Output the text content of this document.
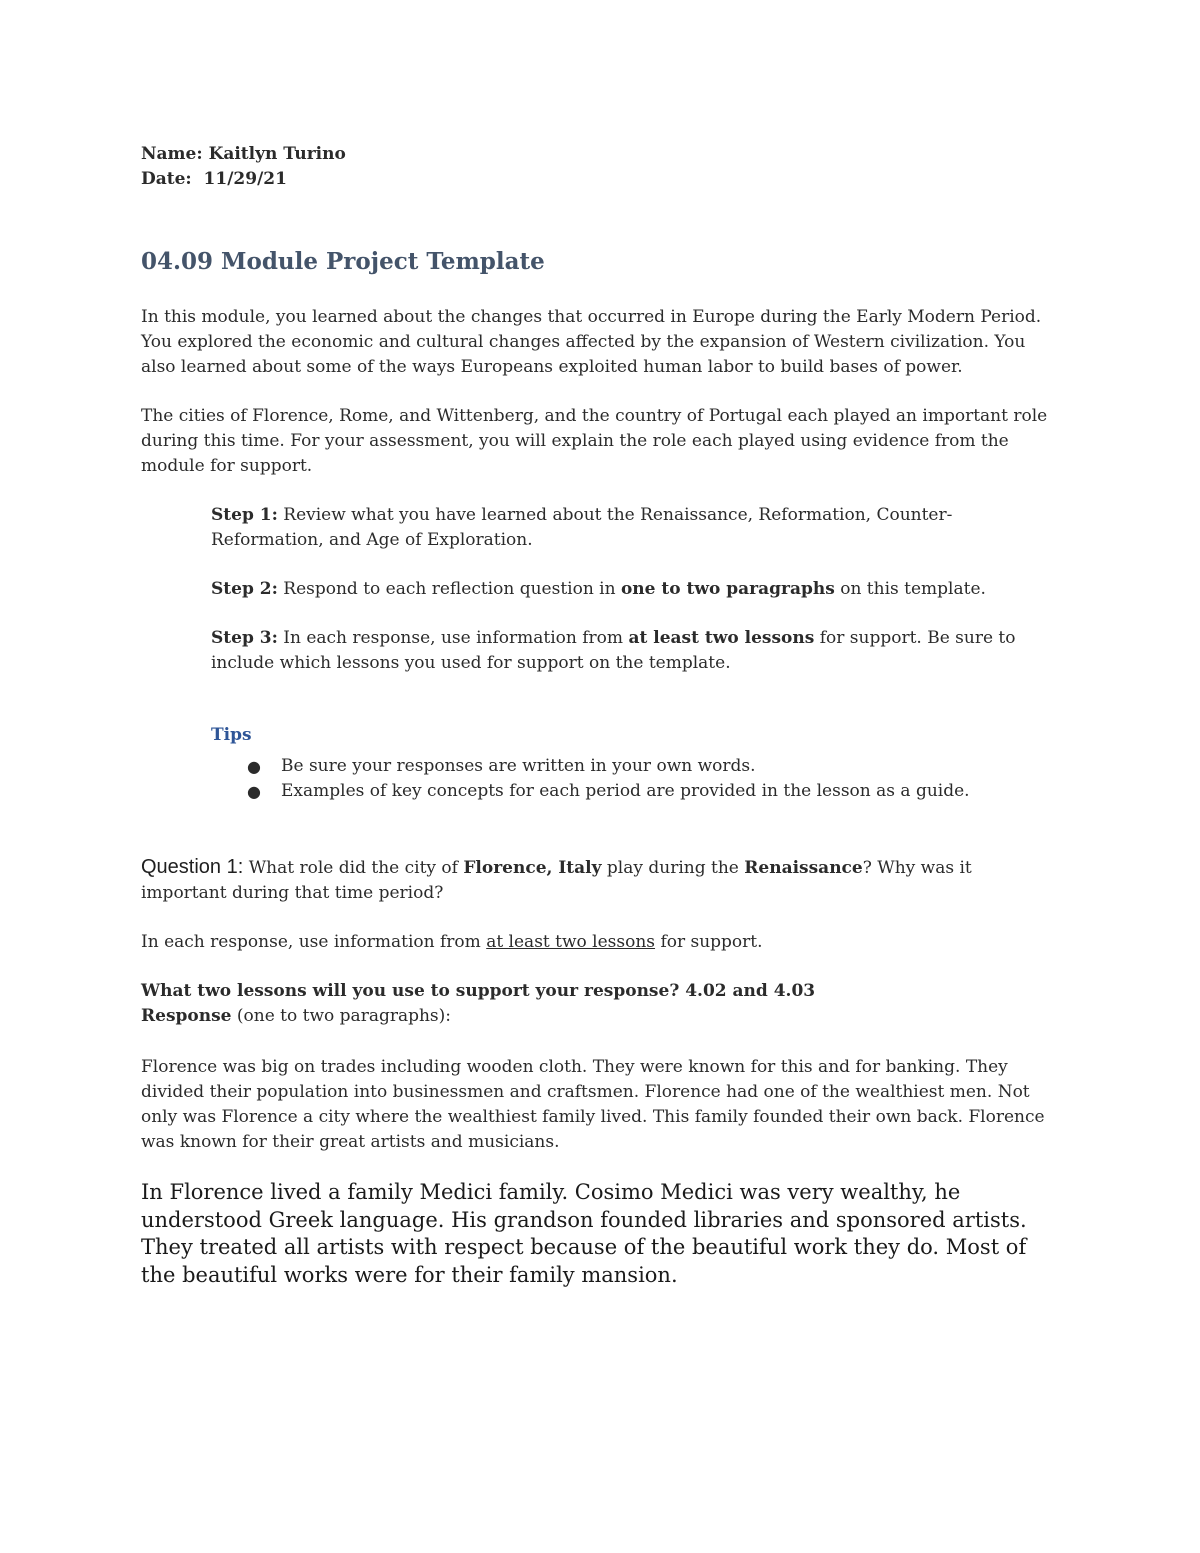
Name: Kaitlyn Turino

Date: 11/29/21

04.09 Module Project Template

In this module, you learned about the changes that occurred in Europe during the Early Modern Period. You explored the economic and cultural changes affected by the expansion of Western civilization. You also learned about some of the ways Europeans exploited human labor to build bases of power.

The cities of Florence, Rome, and Wittenberg, and the country of Portugal each played an important role during this time. For your assessment, you will explain the role each played using evidence from the module for support.

Step 1: Review what you have learned about the Renaissance, Reformation, Counter-Reformation, and Age of Exploration.

Step 2: Respond to each reflection question in one to two paragraphs on this template.

Step 3: In each response, use information from at least two lessons for support. Be sure to include which lessons you used for support on the template.

Tips

● Be sure your responses are written in your own words.
● Examples of key concepts for each period are provided in the lesson as a guide.

Question 1: What role did the city of Florence, Italy play during the Renaissance? Why was it important during that time period?

In each response, use information from at least two lessons for support.

What two lessons will you use to support your response? 4.02 and 4.03

Response (one to two paragraphs):

Florence was big on trades including wooden cloth. They were known for this and for banking. They divided their population into businessmen and craftsmen. Florence had one of the wealthiest men. Not only was Florence a city where the wealthiest family lived. This family founded their own back. Florence was known for their great artists and musicians.

In Florence lived a family Medici family. Cosimo Medici was very wealthy, he understood Greek language. His grandson founded libraries and sponsored artists. They treated all artists with respect because of the beautiful work they do. Most of the beautiful works were for their family mansion.
